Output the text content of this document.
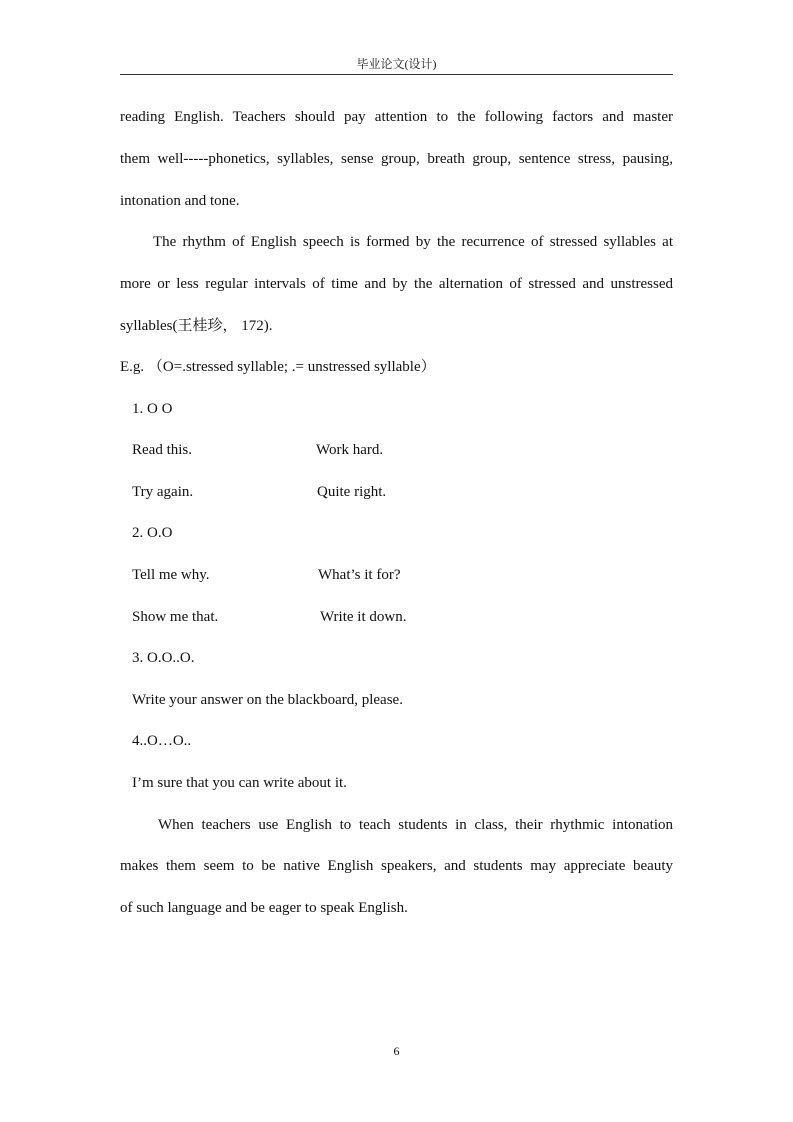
毕业论文(设计)
reading English. Teachers should pay attention to the following factors and master
them well-----phonetics, syllables, sense group, breath group, sentence stress, pausing,
intonation and tone.
The rhythm of English speech is formed by the recurrence of stressed syllables at
more or less regular intervals of time and by the alternation of stressed and unstressed
syllables(王桂珍， 172).
E.g. （O=.stressed syllable; .= unstressed syllable）
1. O O
Read this.	Work hard.
Try again.	Quite right.
2. O.O
Tell me why.	What’s it for?
Show me that.	Write it down.
3. O.O..O.
Write your answer on the blackboard, please.
4..O…O..
I’m sure that you can write about it.
When teachers use English to teach students in class, their rhythmic intonation
makes them seem to be native English speakers, and students may appreciate beauty
of such language and be eager to speak English.
6
